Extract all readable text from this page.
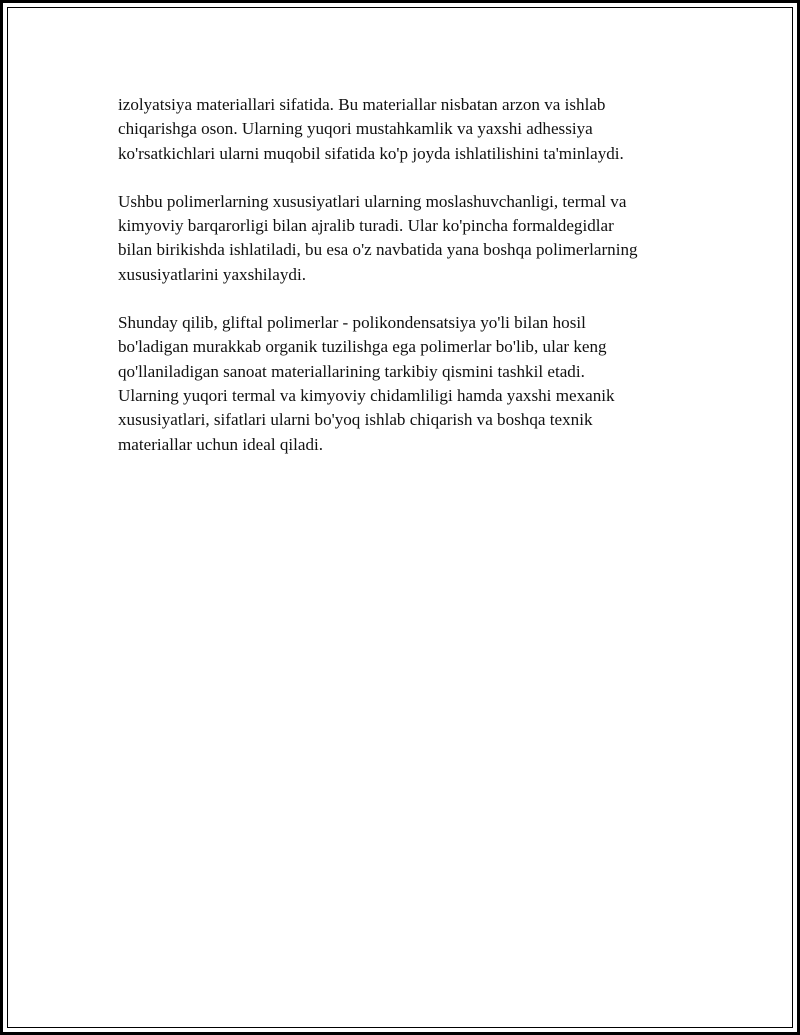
izolyatsiya materiallari sifatida. Bu materiallar nisbatan arzon va ishlab
chiqarishga oson. Ularning yuqori mustahkamlik va yaxshi adhessiya
ko'rsatkichlari ularni muqobil sifatida ko'p joyda ishlatilishini ta'minlaydi.

Ushbu polimerlarning xususiyatlari ularning moslashuvchanligi, termal va
kimyoviy barqarorligi bilan ajralib turadi. Ular ko'pincha formaldegidlar
bilan birikishda ishlatiladi, bu esa o'z navbatida yana boshqa polimerlarning
xususiyatlarini yaxshilaydi.

Shunday qilib, gliftal polimerlar - polikondensatsiya yo'li bilan hosil
bo'ladigan murakkab organik tuzilishga ega polimerlar bo'lib, ular keng
qo'llaniladigan sanoat materiallarining tarkibiy qismini tashkil etadi.
Ularning yuqori termal va kimyoviy chidamliligi hamda yaxshi mexanik
xususiyatlari, sifatlari ularni bo'yoq ishlab chiqarish va boshqa texnik
materiallar uchun ideal qiladi.
